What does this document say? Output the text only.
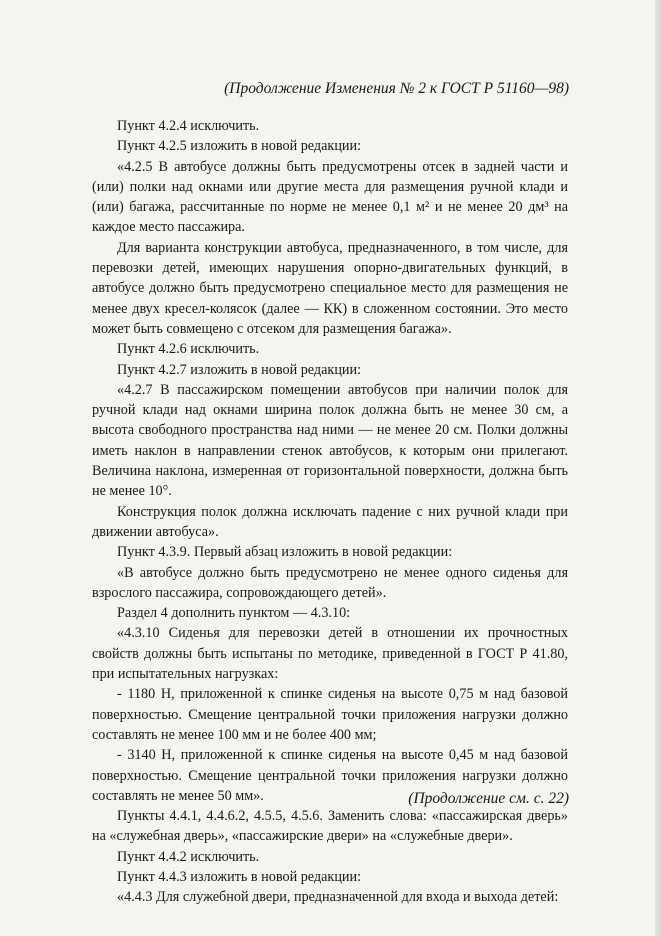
(Продолжение Изменения № 2 к ГОСТ Р 51160—98)

Пункт 4.2.4 исключить.

Пункт 4.2.5 изложить в новой редакции:

«4.2.5 В автобусе должны быть предусмотрены отсек в задней части и (или) полки над окнами или другие места для размещения ручной клади и (или) багажа, рассчитанные по норме не менее 0,1 м² и не менее 20 дм³ на каждое место пассажира.

Для варианта конструкции автобуса, предназначенного, в том числе, для перевозки детей, имеющих нарушения опорно-двигательных функций, в автобусе должно быть предусмотрено специальное место для размещения не менее двух кресел-колясок (далее — КК) в сложенном состоянии. Это место может быть совмещено с отсеком для размещения багажа».

Пункт 4.2.6 исключить.

Пункт 4.2.7 изложить в новой редакции:

«4.2.7 В пассажирском помещении автобусов при наличии полок для ручной клади над окнами ширина полок должна быть не менее 30 см, а высота свободного пространства над ними — не менее 20 см. Полки должны иметь наклон в направлении стенок автобусов, к которым они прилегают. Величина наклона, измеренная от горизонтальной поверхности, должна быть не менее 10°.

Конструкция полок должна исключать падение с них ручной клади при движении автобуса».

Пункт 4.3.9. Первый абзац изложить в новой редакции:

«В автобусе должно быть предусмотрено не менее одного сиденья для взрослого пассажира, сопровождающего детей».

Раздел 4 дополнить пунктом — 4.3.10:

«4.3.10 Сиденья для перевозки детей в отношении их прочностных свойств должны быть испытаны по методике, приведенной в ГОСТ Р 41.80, при испытательных нагрузках:

- 1180 Н, приложенной к спинке сиденья на высоте 0,75 м над базовой поверхностью. Смещение центральной точки приложения нагрузки должно составлять не менее 100 мм и не более 400 мм;

- 3140 Н, приложенной к спинке сиденья на высоте 0,45 м над базовой поверхностью. Смещение центральной точки приложения нагрузки должно составлять не менее 50 мм».

Пункты 4.4.1, 4.4.6.2, 4.5.5, 4.5.6. Заменить слова: «пассажирская дверь» на «служебная дверь», «пассажирские двери» на «служебные двери».

Пункт 4.4.2 исключить.

Пункт 4.4.3 изложить в новой редакции:

«4.4.3 Для служебной двери, предназначенной для входа и выхода детей:

(Продолжение см. с. 22)
